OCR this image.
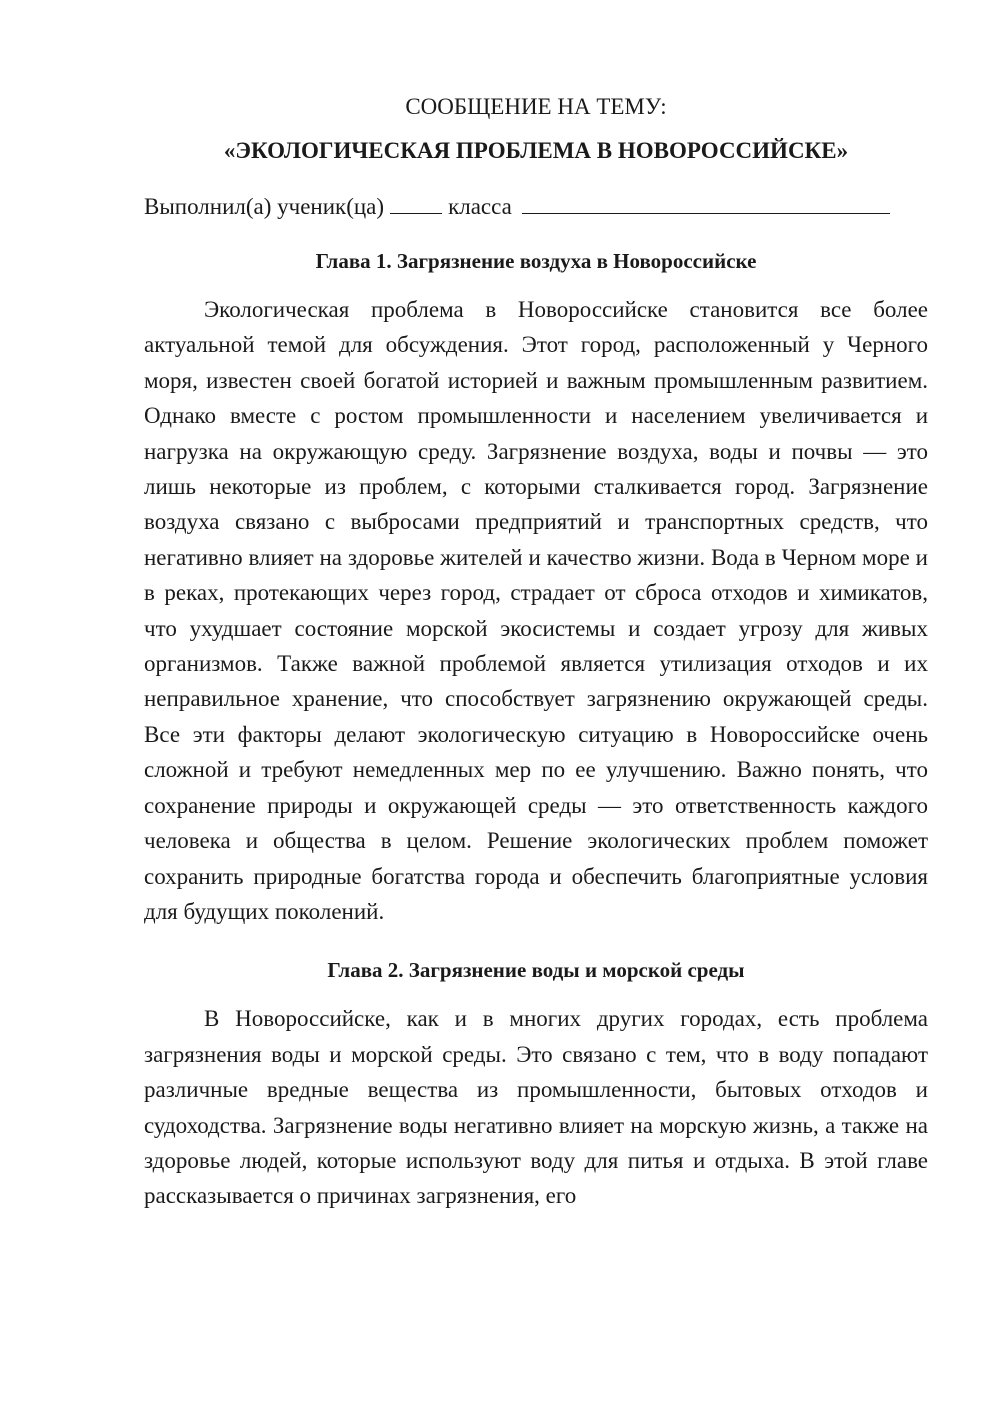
СООБЩЕНИЕ НА ТЕМУ:

«ЭКОЛОГИЧЕСКАЯ ПРОБЛЕМА В НОВОРОССИЙСКЕ»

Выполнил(а) ученик(ца)	класса

Глава 1. Загрязнение воздуха в Новороссийске

Экологическая проблема в Новороссийске становится все более актуальной темой для обсуждения. Этот город, расположенный у Черного моря, известен своей богатой историей и важным промышленным развитием. Однако вместе с ростом промышленности и населением увеличивается и нагрузка на окружающую среду. Загрязнение воздуха, воды и почвы — это лишь некоторые из проблем, с которыми сталкивается город. Загрязнение воздуха связано с выбросами предприятий и транспортных средств, что негативно влияет на здоровье жителей и качество жизни. Вода в Черном море и в реках, протекающих через город, страдает от сброса отходов и химикатов, что ухудшает состояние морской экосистемы и создает угрозу для живых организмов. Также важной проблемой является утилизация отходов и их неправильное хранение, что способствует загрязнению окружающей среды. Все эти факторы делают экологическую ситуацию в Новороссийске очень сложной и требуют немедленных мер по ее улучшению. Важно понять, что сохранение природы и окружающей среды — это ответственность каждого человека и общества в целом. Решение экологических проблем поможет сохранить природные богатства города и обеспечить благоприятные условия для будущих поколений.

Глава 2. Загрязнение воды и морской среды

В Новороссийске, как и в многих других городах, есть проблема загрязнения воды и морской среды. Это связано с тем, что в воду попадают различные вредные вещества из промышленности, бытовых отходов и судоходства. Загрязнение воды негативно влияет на морскую жизнь, а также на здоровье людей, которые используют воду для питья и отдыха. В этой главе рассказывается о причинах загрязнения, его
